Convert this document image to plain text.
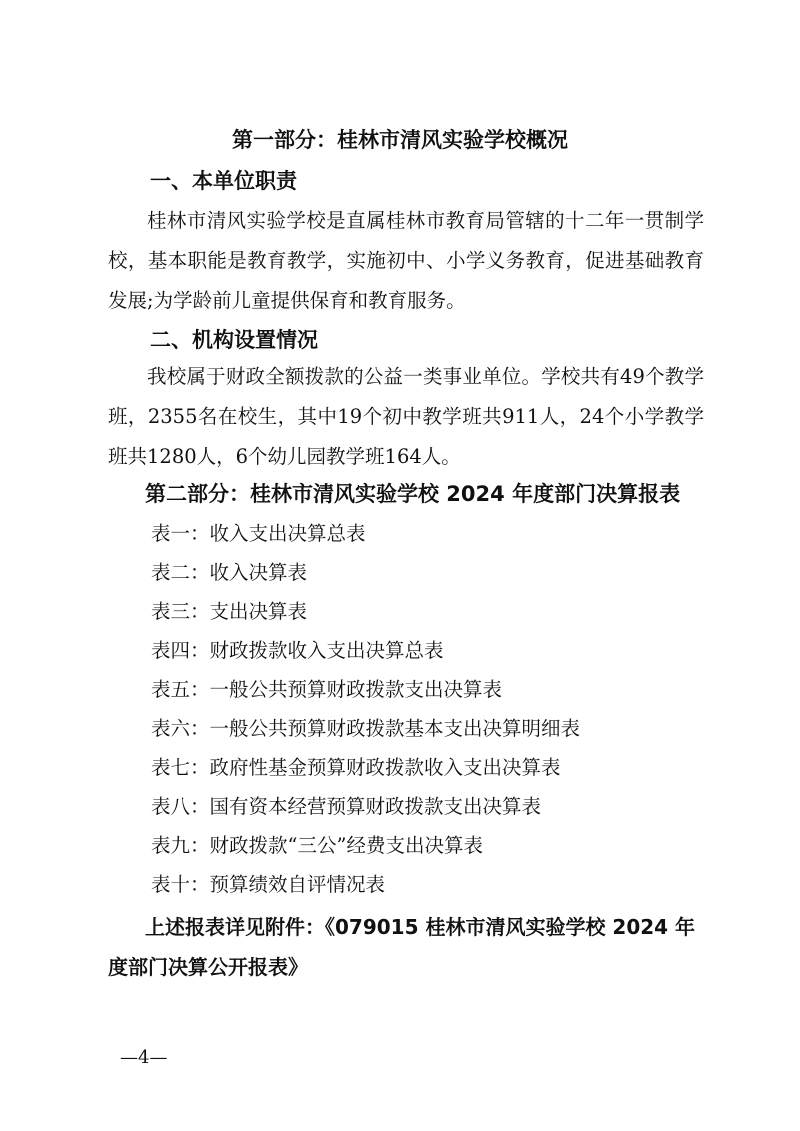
第一部分：桂林市清风实验学校概况
一、本单位职责
桂林市清风实验学校是直属桂林市教育局管辖的十二年一贯制学校，基本职能是教育教学，实施初中、小学义务教育，促进基础教育发展;为学龄前儿童提供保育和教育服务。
二、机构设置情况
我校属于财政全额拨款的公益一类事业单位。学校共有49个教学班，2355名在校生，其中19个初中教学班共911人，24个小学教学班共1280人，6个幼儿园教学班164人。
第二部分：桂林市清风实验学校 2024 年度部门决算报表
表一：收入支出决算总表
表二：收入决算表
表三：支出决算表
表四：财政拨款收入支出决算总表
表五：一般公共预算财政拨款支出决算表
表六：一般公共预算财政拨款基本支出决算明细表
表七：政府性基金预算财政拨款收入支出决算表
表八：国有资本经营预算财政拨款支出决算表
表九：财政拨款“三公”经费支出决算表
表十：预算绩效自评情况表
上述报表详见附件：《079015 桂林市清风实验学校 2024 年度部门决算公开报表》
—4—
